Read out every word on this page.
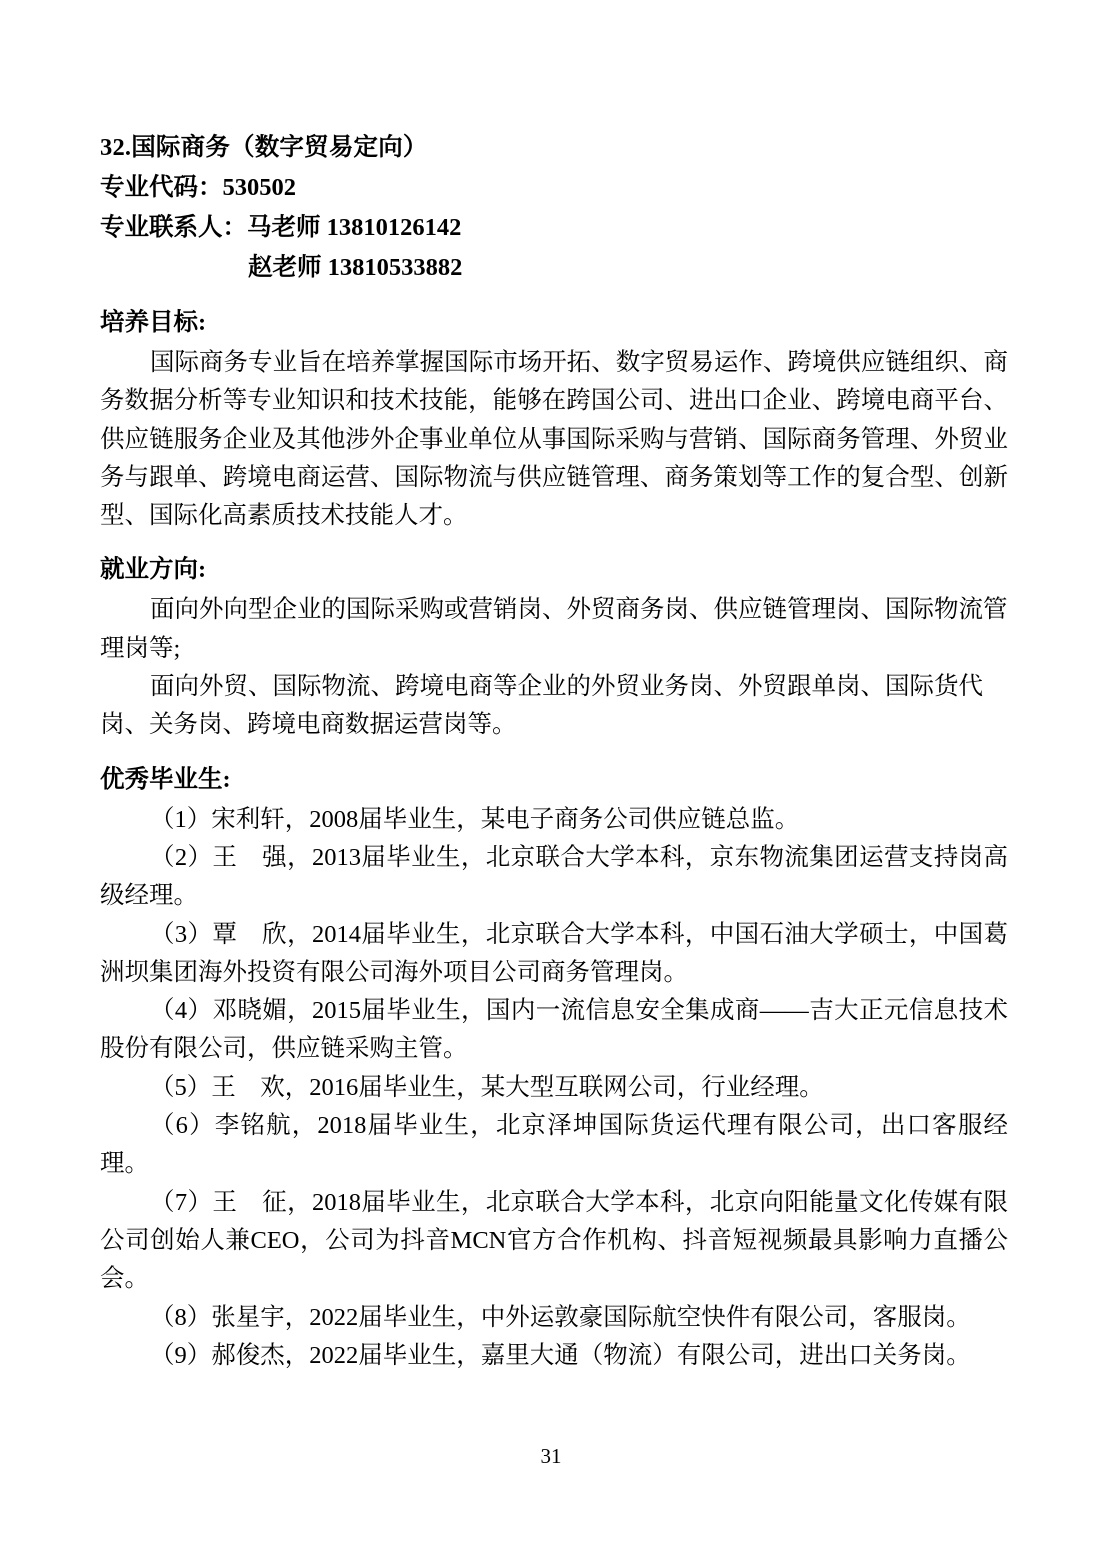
32.国际商务（数字贸易定向）
专业代码：530502
专业联系人：马老师 13810126142
赵老师 13810533882
培养目标:

国际商务专业旨在培养掌握国际市场开拓、数字贸易运作、跨境供应链组织、商务数据分析等专业知识和技术技能，能够在跨国公司、进出口企业、跨境电商平台、供应链服务企业及其他涉外企事业单位从事国际采购与营销、国际商务管理、外贸业务与跟单、跨境电商运营、国际物流与供应链管理、商务策划等工作的复合型、创新型、国际化高素质技术技能人才。

就业方向:

面向外向型企业的国际采购或营销岗、外贸商务岗、供应链管理岗、国际物流管理岗等;

面向外贸、国际物流、跨境电商等企业的外贸业务岗、外贸跟单岗、国际货代岗、关务岗、跨境电商数据运营岗等。

优秀毕业生:

（1）宋利轩，2008届毕业生，某电子商务公司供应链总监。

（2）王　强，2013届毕业生，北京联合大学本科，京东物流集团运营支持岗高级经理。

（3）覃　欣，2014届毕业生，北京联合大学本科，中国石油大学硕士，中国葛洲坝集团海外投资有限公司海外项目公司商务管理岗。

（4）邓晓媚，2015届毕业生，国内一流信息安全集成商——吉大正元信息技术股份有限公司，供应链采购主管。

（5）王　欢，2016届毕业生，某大型互联网公司，行业经理。

（6）李铭航，2018届毕业生，北京泽坤国际货运代理有限公司，出口客服经理。

（7）王　征，2018届毕业生，北京联合大学本科，北京向阳能量文化传媒有限公司创始人兼CEO，公司为抖音MCN官方合作机构、抖音短视频最具影响力直播公会。

（8）张星宇，2022届毕业生，中外运敦豪国际航空快件有限公司，客服岗。

（9）郝俊杰，2022届毕业生，嘉里大通（物流）有限公司，进出口关务岗。

31
